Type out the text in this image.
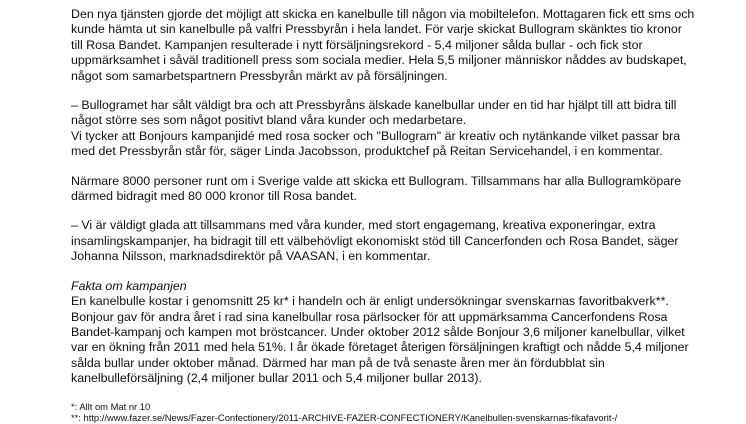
Den nya tjänsten gjorde det möjligt att skicka en kanelbulle till någon via mobiltelefon. Mottagaren fick ett sms och
kunde hämta ut sin kanelbulle på valfri Pressbyrån i hela landet. För varje skickat Bullogram skänktes tio kronor
till Rosa Bandet. Kampanjen resulterade i nytt försäljningsrekord - 5,4 miljoner sålda bullar - och fick stor
uppmärksamhet i såväl traditionell press som sociala medier. Hela 5,5 miljoner människor nåddes av budskapet,
något som samarbetspartnern Pressbyrån märkt av på försäljningen.
– Bullogramet har sålt väldigt bra och att Pressbyråns älskade kanelbullar under en tid har hjälpt till att bidra till
något större ses som något positivt bland våra kunder och medarbetare.
Vi tycker att Bonjours kampanjidé med rosa socker och "Bullogram" är kreativ och nytänkande vilket passar bra
med det Pressbyrån står för, säger Linda Jacobsson, produktchef på Reitan Servicehandel, i en kommentar.
Närmare 8000 personer runt om i Sverige valde att skicka ett Bullogram. Tillsammans har alla Bullogramköpare
därmed bidragit med 80 000 kronor till Rosa bandet.
– Vi är väldigt glada att tillsammans med våra kunder, med stort engagemang, kreativa exponeringar, extra
insamlingskampanjer, ha bidragit till ett välbehövligt ekonomiskt stöd till Cancerfonden och Rosa Bandet, säger
Johanna Nilsson, marknadsdirektör på VAASAN, i en kommentar.
Fakta om kampanjen
En kanelbulle kostar i genomsnitt 25 kr* i handeln och är enligt undersökningar svenskarnas favoritbakverk**.
Bonjour gav för andra året i rad sina kanelbullar rosa pärlsocker för att uppmärksamma Cancerfondens Rosa
Bandet-kampanj och kampen mot bröstcancer. Under oktober 2012 sålde Bonjour 3,6 miljoner kanelbullar, vilket
var en ökning från 2011 med hela 51%. I år ökade företaget återigen försäljningen kraftigt och nådde 5,4 miljoner
sålda bullar under oktober månad. Därmed har man på de två senaste åren mer än fördubblat sin
kanelbulleförsäljning (2,4 miljoner bullar 2011 och 5,4 miljoner bullar 2013).
*: Allt om Mat nr 10
**: http://www.fazer.se/News/Fazer-Confectionery/2011-ARCHIVE-FAZER-CONFECTIONERY/Kanelbullen-svenskarnas-fikafavorit-/
